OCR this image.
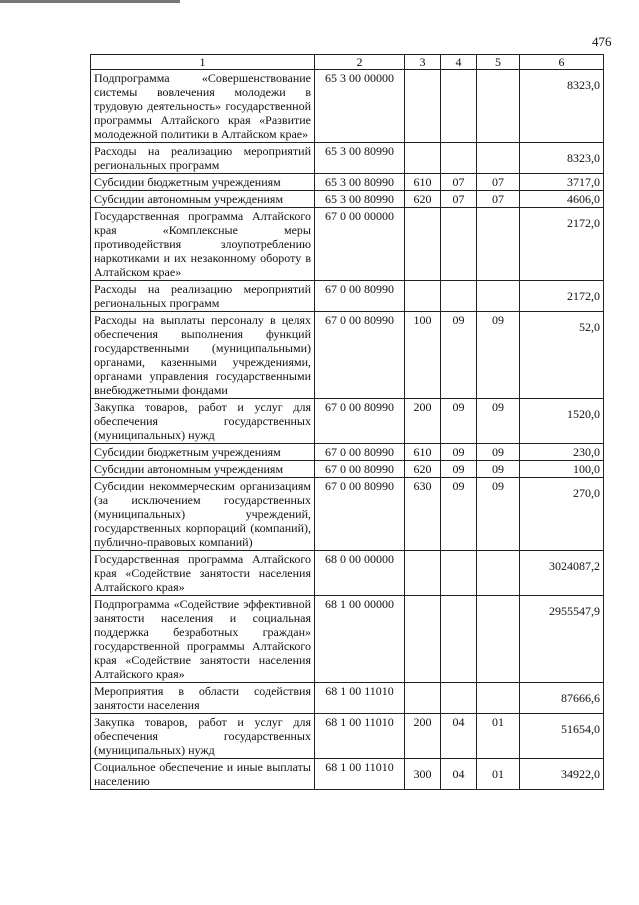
476
1	2	3	4	5	6
Подпрограмма «Совершенствование системы вовлечения молодежи в трудовую деятельность» государственной программы Алтайского края «Развитие молодежной политики в Алтайском крае»	65 3 00 00000				8323,0
Расходы на реализацию мероприятий региональных программ	65 3 00 80990				8323,0
Субсидии бюджетным учреждениям	65 3 00 80990	610	07	07	3717,0
Субсидии автономным учреждениям	65 3 00 80990	620	07	07	4606,0
Государственная программа Алтайского края «Комплексные меры противодействия злоупотреблению наркотиками и их незаконному обороту в Алтайском крае»	67 0 00 00000				2172,0
Расходы на реализацию мероприятий региональных программ	67 0 00 80990				2172,0
Расходы на выплаты персоналу в целях обеспечения выполнения функций государственными (муниципальными) органами, казенными учреждениями, органами управления государственными внебюджетными фондами	67 0 00 80990	100	09	09	52,0
Закупка товаров, работ и услуг для обеспечения государственных (муниципальных) нужд	67 0 00 80990	200	09	09	1520,0
Субсидии бюджетным учреждениям	67 0 00 80990	610	09	09	230,0
Субсидии автономным учреждениям	67 0 00 80990	620	09	09	100,0
Субсидии некоммерческим организациям (за исключением государственных (муниципальных) учреждений, государственных корпораций (компаний), публично-правовых компаний)	67 0 00 80990	630	09	09	270,0
Государственная программа Алтайского края «Содействие занятости населения Алтайского края»	68 0 00 00000				3024087,2
Подпрограмма «Содействие эффективной занятости населения и социальная поддержка безработных граждан» государственной программы Алтайского края «Содействие занятости населения Алтайского края»	68 1 00 00000				2955547,9
Мероприятия в области содействия занятости населения	68 1 00 11010				87666,6
Закупка товаров, работ и услуг для обеспечения государственных (муниципальных) нужд	68 1 00 11010	200	04	01	51654,0
Социальное обеспечение и иные выплаты населению	68 1 00 11010	300	04	01	34922,0
